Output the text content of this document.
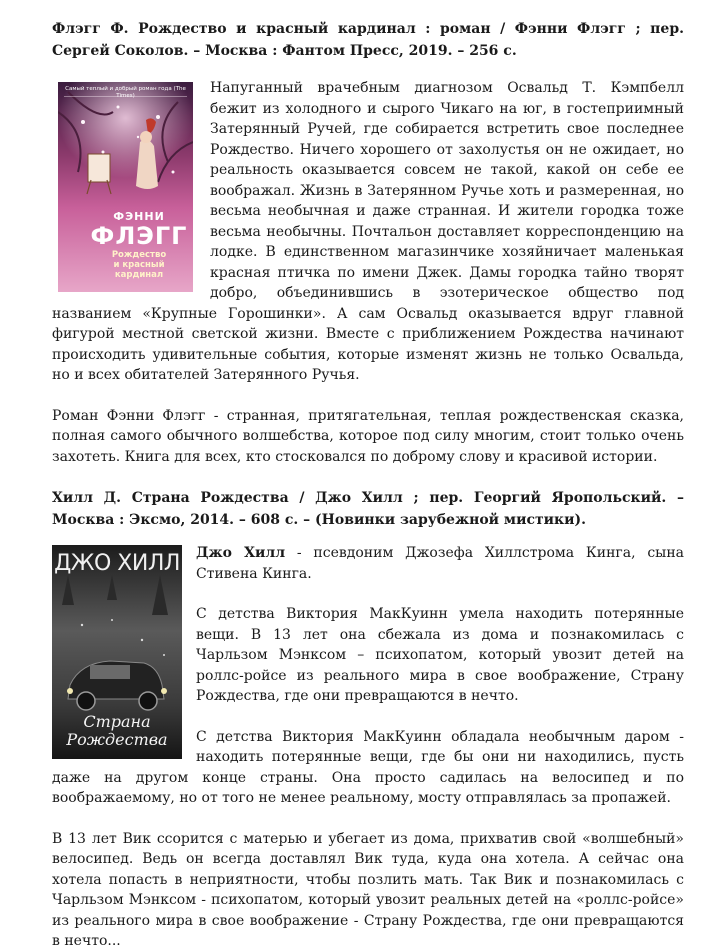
Флэгг Ф. Рождество и красный кардинал : роман / Фэнни Флэгг ; пер. Сергей Соколов. – Москва : Фантом Пресс, 2019. – 256 с.

Самый теплый и добрый роман года (The Times)
ФЭННИ
ФЛЭГГ
Рождество
и красный кардинал

Напуганный врачебным диагнозом Освальд Т. Кэмпбелл бежит из холодного и сырого Чикаго на юг, в гостеприимный Затерянный Ручей, где собирается встретить свое последнее Рождество. Ничего хорошего от захолустья он не ожидает, но реальность оказывается совсем не такой, какой он себе ее воображал. Жизнь в Затерянном Ручье хоть и размеренная, но весьма необычная и даже странная. И жители городка тоже весьма необычны. Почтальон доставляет корреспонденцию на лодке. В единственном магазинчике хозяйничает маленькая красная птичка по имени Джек. Дамы городка тайно творят добро, объединившись в эзотерическое общество под названием «Крупные Горошинки». А сам Освальд оказывается вдруг главной фигурой местной светской жизни. Вместе с приближением Рождества начинают происходить удивительные события, которые изменят жизнь не только Освальда, но и всех обитателей Затерянного Ручья.

Роман Фэнни Флэгг - странная, притягательная, теплая рождественская сказка, полная самого обычного волшебства, которое под силу многим, стоит только очень захотеть. Книга для всех, кто стосковался по доброму слову и красивой истории.

Хилл Д. Страна Рождества / Джо Хилл ; пер. Георгий Яропольский. – Москва : Эксмо, 2014. – 608 с. – (Новинки зарубежной мистики).

ДЖО ХИЛЛ
Страна
Рождества

Джо Хилл - псевдоним Джозефа Хиллстрома Кинга, сына Стивена Кинга.

С детства Виктория МакКуинн умела находить потерянные вещи. В 13 лет она сбежала из дома и познакомилась с Чарльзом Мэнксом – психопатом, который увозит детей на роллс-ройсе из реального мира в свое воображение, Страну Рождества, где они превращаются в нечто.

С детства Виктория МакКуинн обладала необычным даром - находить потерянные вещи, где бы они ни находились, пусть даже на другом конце страны. Она просто садилась на велосипед и по воображаемому, но от того не менее реальному, мосту отправлялась за пропажей.

В 13 лет Вик ссорится с матерью и убегает из дома, прихватив свой «волшебный» велосипед. Ведь он всегда доставлял Вик туда, куда она хотела. А сейчас она хотела попасть в неприятности, чтобы позлить мать. Так Вик и познакомилась с Чарльзом Мэнксом - психопатом, который увозит реальных детей на «роллс-ройсе» из реального мира в свое воображение - Страну Рождества, где они превращаются в нечто...
